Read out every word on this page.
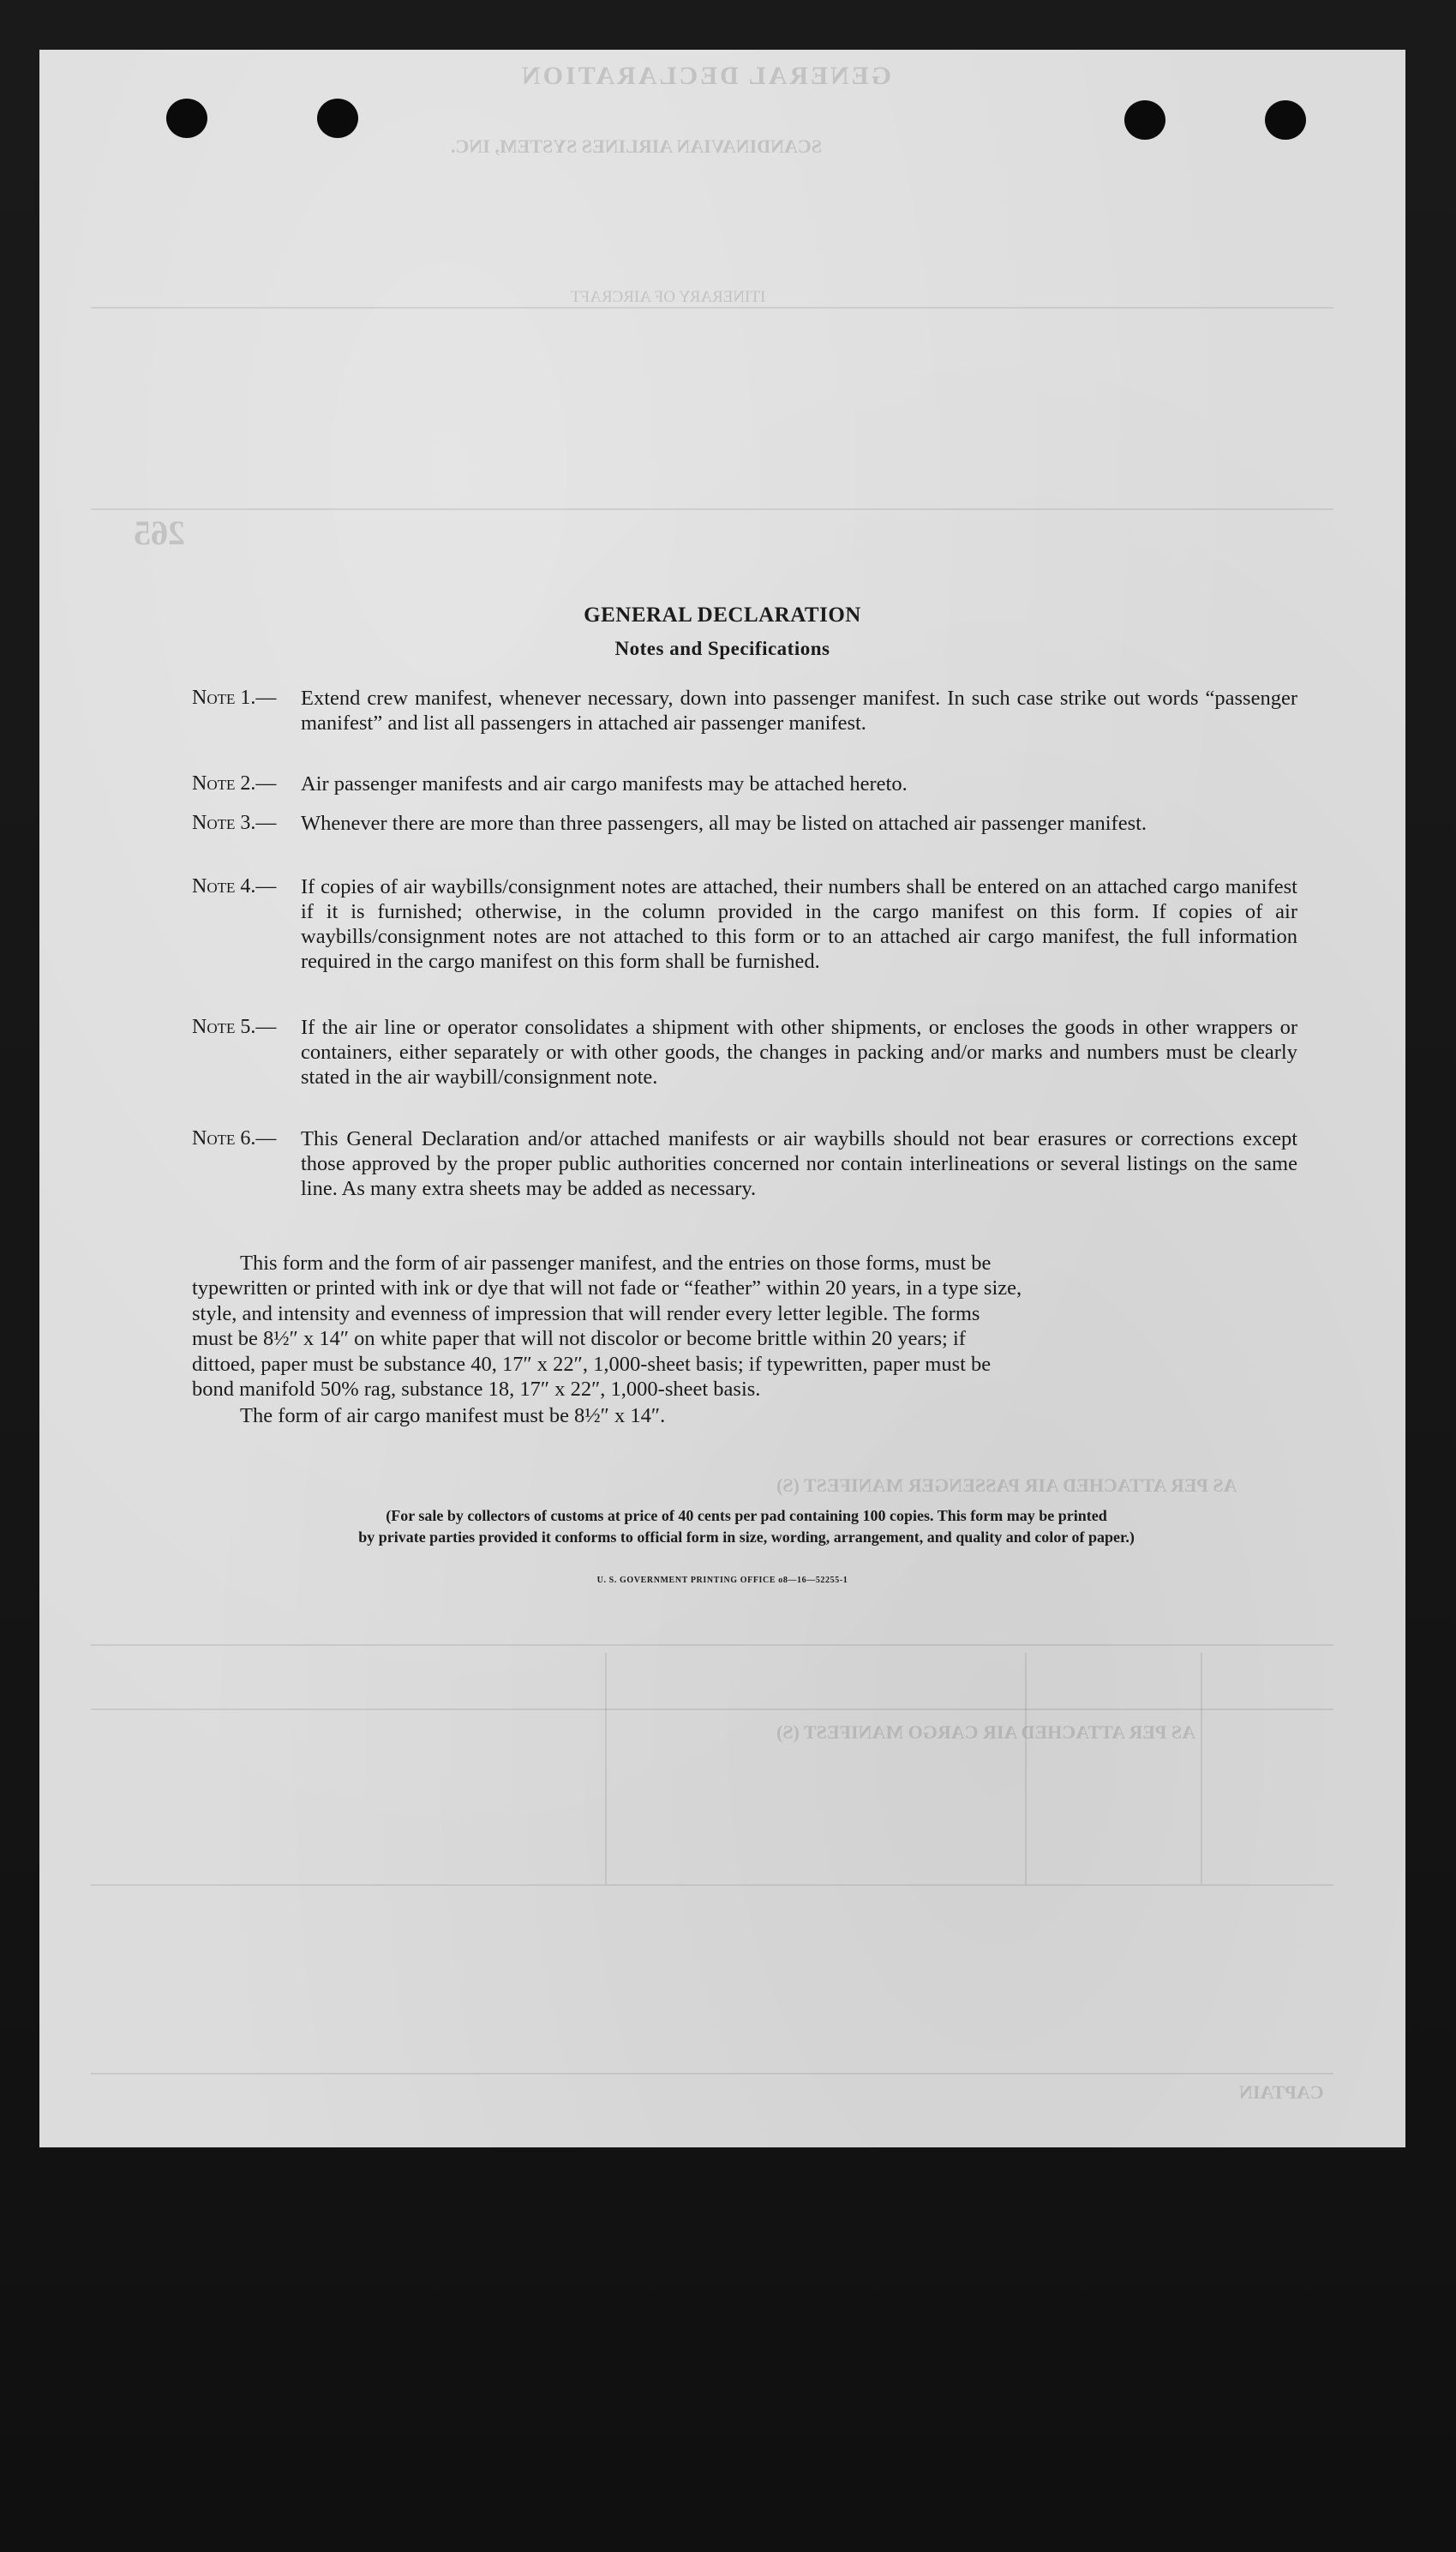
GENERAL DECLARATION
SCANDINAVIAN AIRLINES SYSTEM, INC.
ITINERARY OF AIRCRAFT
265
AS PER ATTACHED AIR PASSENGER MANIFEST (S)
AS PER ATTACHED AIR CARGO MANIFEST (S)
CAPTAIN
GENERAL DECLARATION
Notes and Specifications
Note 1.—	Extend crew manifest, whenever necessary, down into passenger manifest. In such case strike out words “passenger manifest” and list all passengers in attached air passenger manifest.
Note 2.—	Air passenger manifests and air cargo manifests may be attached hereto.
Note 3.—	Whenever there are more than three passengers, all may be listed on attached air passenger manifest.
Note 4.—	If copies of air waybills/consignment notes are attached, their numbers shall be entered on an attached cargo manifest if it is furnished; otherwise, in the column provided in the cargo manifest on this form. If copies of air waybills/consignment notes are not attached to this form or to an attached air cargo manifest, the full information required in the cargo manifest on this form shall be furnished.
Note 5.—	If the air line or operator consolidates a shipment with other shipments, or encloses the goods in other wrappers or containers, either separately or with other goods, the changes in packing and/or marks and numbers must be clearly stated in the air waybill/consignment note.
Note 6.—	This General Declaration and/or attached manifests or air waybills should not bear erasures or corrections except those approved by the proper public authorities concerned nor contain interlineations or several listings on the same line. As many extra sheets may be added as necessary.
This form and the form of air passenger manifest, and the entries on those forms, must be
typewritten or printed with ink or dye that will not fade or “feather” within 20 years, in a type size,
style, and intensity and evenness of impression that will render every letter legible. The forms
must be 8½″ x 14″ on white paper that will not discolor or become brittle within 20 years; if
dittoed, paper must be substance 40, 17″ x 22″, 1,000-sheet basis; if typewritten, paper must be
bond manifold 50% rag, substance 18, 17″ x 22″, 1,000-sheet basis.
The form of air cargo manifest must be 8½″ x 14″.
(For sale by collectors of customs at price of 40 cents per pad containing 100 copies. This form may be printed
by private parties provided it conforms to official form in size, wording, arrangement, and quality and color of paper.)
U. S. GOVERNMENT PRINTING OFFICE o8—16—52255-1
